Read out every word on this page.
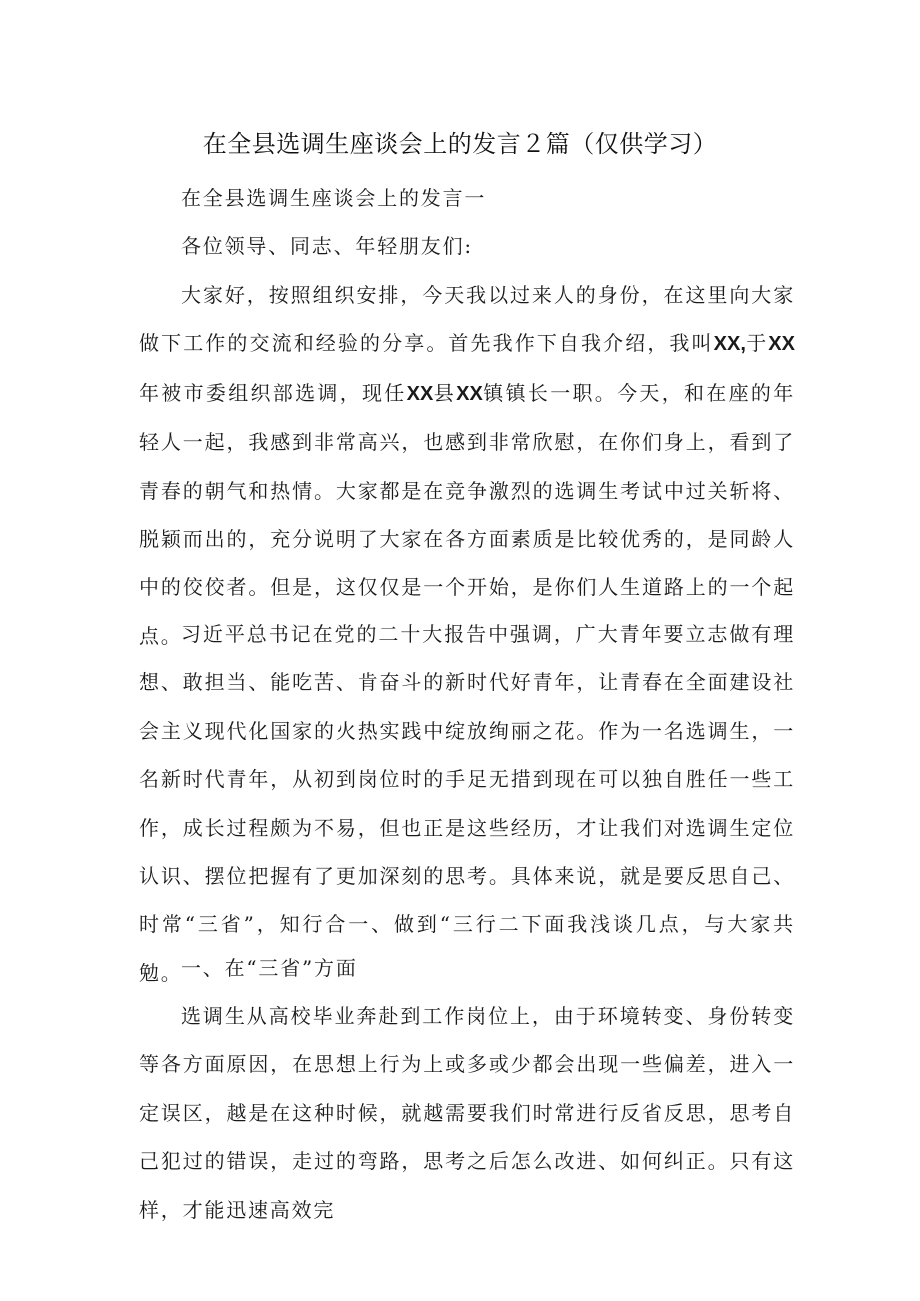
在全县选调生座谈会上的发言２篇（仅供学习）

在全县选调生座谈会上的发言一

各位领导、同志、年轻朋友们:

大家好，按照组织安排，今天我以过来人的身份，在这里向大家做下工作的交流和经验的分享。首先我作下自我介绍，我叫XX,于XX年被市委组织部选调，现任XX县XX镇镇长一职。今天，和在座的年轻人一起，我感到非常高兴，也感到非常欣慰，在你们身上，看到了青春的朝气和热情。大家都是在竞争激烈的选调生考试中过关斩将、脱颖而出的，充分说明了大家在各方面素质是比较优秀的，是同龄人中的佼佼者。但是，这仅仅是一个开始，是你们人生道路上的一个起点。

习近平总书记在党的二十大报告中强调，广大青年要立志做有理想、敢担当、能吃苦、肯奋斗的新时代好青年，让青春在全面建设社会主义现代化国家的火热实践中绽放绚丽之花。作为一名选调生，一名新时代青年，从初到岗位时的手足无措到现在可以独自胜任一些工作，成长过程颇为不易，但也正是这些经历，才让我们对选调生定位认识、摆位把握有了更加深刻的思考。具体来说，就是要反思自己、时常“三省”，知行合一、做到“三行二下面我浅谈几点，与大家共勉。

一、在“三省”方面

选调生从高校毕业奔赴到工作岗位上，由于环境转变、身份转变等各方面原因，在思想上行为上或多或少都会出现一些偏差，进入一定误区，越是在这种时候，就越需要我们时常进行反省反思，思考自己犯过的错误，走过的弯路，思考之后怎么改进、如何纠正。只有这样，才能迅速高效完
